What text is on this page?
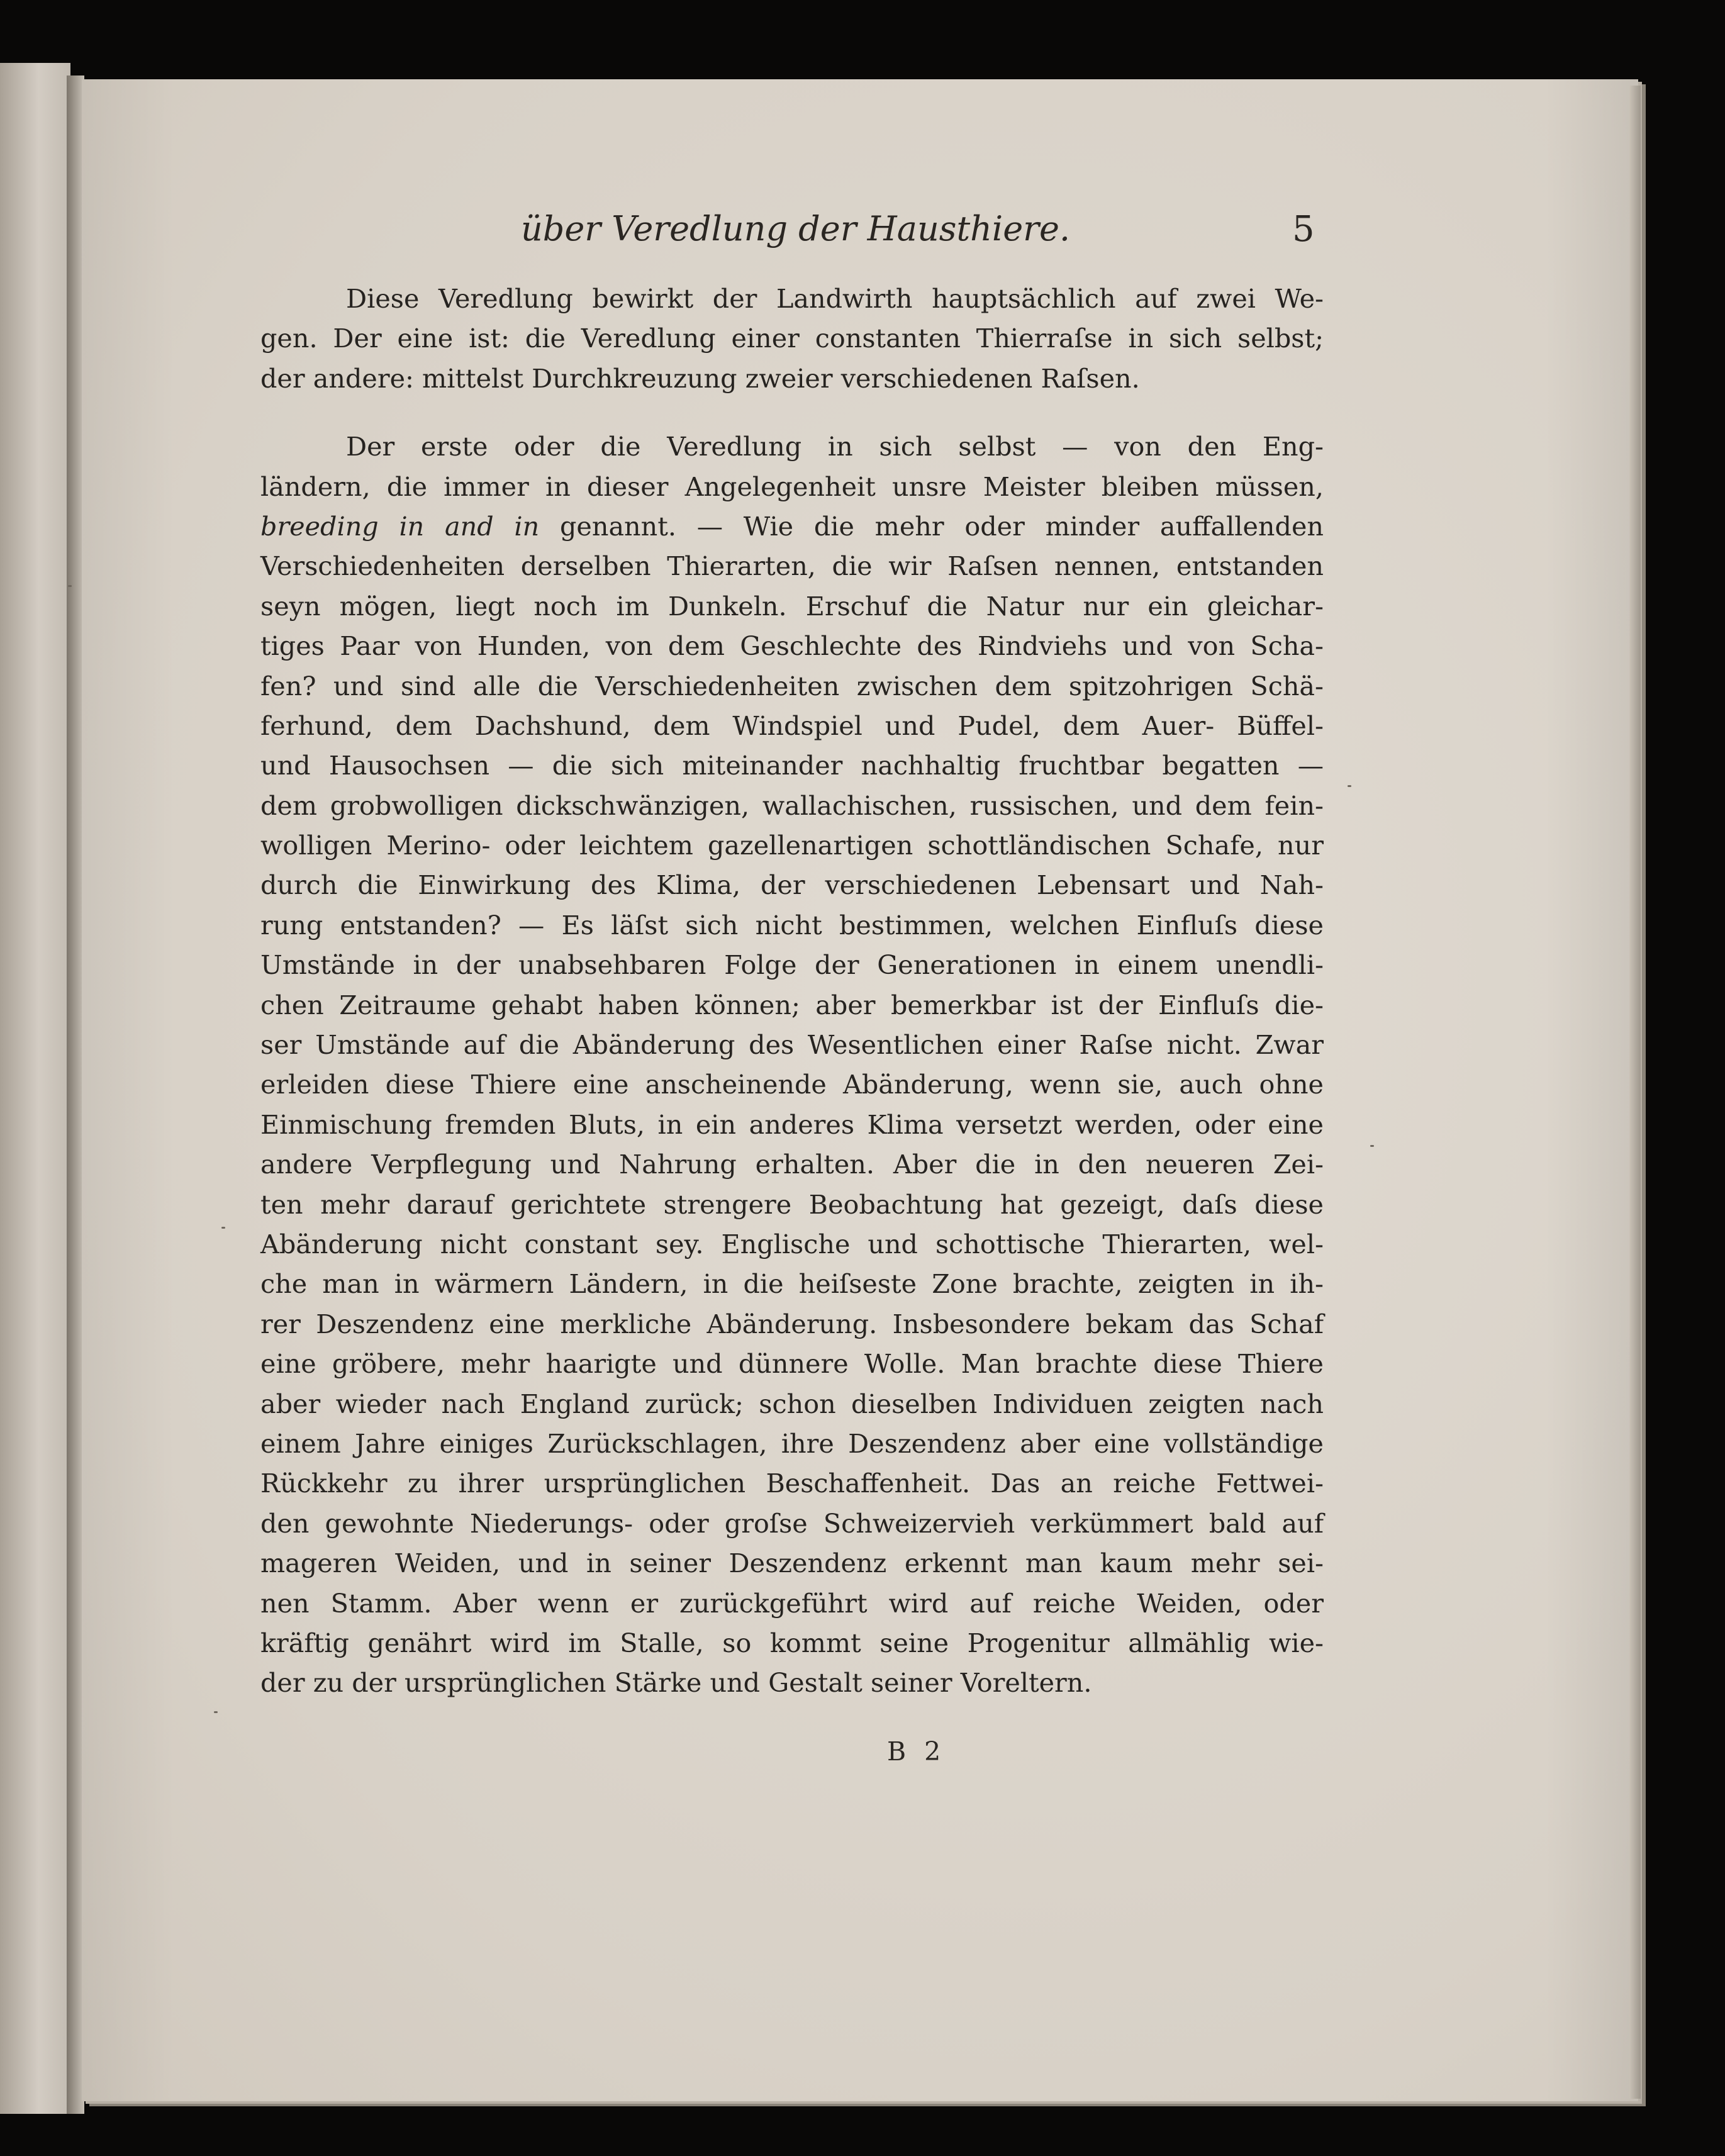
über Veredlung der Hausthiere.	5
Diese Veredlung bewirkt der Landwirth hauptsächlich auf zwei We-
gen. Der eine ist: die Veredlung einer constanten Thierraſse in sich selbst;
der andere: mittelst Durchkreuzung zweier verschiedenen Raſsen.
Der erste oder die Veredlung in sich selbst — von den Eng-
ländern, die immer in dieser Angelegenheit unsre Meister bleiben müssen,
breeding in and in genannt. — Wie die mehr oder minder auffallenden
Verschiedenheiten derselben Thierarten, die wir Raſsen nennen, entstanden
seyn mögen, liegt noch im Dunkeln. Erschuf die Natur nur ein gleichar-
tiges Paar von Hunden, von dem Geschlechte des Rindviehs und von Scha-
fen? und sind alle die Verschiedenheiten zwischen dem spitzohrigen Schä-
ferhund, dem Dachshund, dem Windspiel und Pudel, dem Auer- Büffel-
und Hausochsen — die sich miteinander nachhaltig fruchtbar begatten —
dem grobwolligen dickschwänzigen, wallachischen, russischen, und dem fein-
wolligen Merino- oder leichtem gazellenartigen schottländischen Schafe, nur
durch die Einwirkung des Klima, der verschiedenen Lebensart und Nah-
rung entstanden? — Es läſst sich nicht bestimmen, welchen Einfluſs diese
Umstände in der unabsehbaren Folge der Generationen in einem unendli-
chen Zeitraume gehabt haben können; aber bemerkbar ist der Einfluſs die-
ser Umstände auf die Abänderung des Wesentlichen einer Raſse nicht. Zwar
erleiden diese Thiere eine anscheinende Abänderung, wenn sie, auch ohne
Einmischung fremden Bluts, in ein anderes Klima versetzt werden, oder eine
andere Verpflegung und Nahrung erhalten. Aber die in den neueren Zei-
ten mehr darauf gerichtete strengere Beobachtung hat gezeigt, daſs diese
Abänderung nicht constant sey. Englische und schottische Thierarten, wel-
che man in wärmern Ländern, in die heiſseste Zone brachte, zeigten in ih-
rer Deszendenz eine merkliche Abänderung. Insbesondere bekam das Schaf
eine gröbere, mehr haarigte und dünnere Wolle. Man brachte diese Thiere
aber wieder nach England zurück; schon dieselben Individuen zeigten nach
einem Jahre einiges Zurückschlagen, ihre Deszendenz aber eine vollständige
Rückkehr zu ihrer ursprünglichen Beschaffenheit. Das an reiche Fettwei-
den gewohnte Niederungs- oder groſse Schweizervieh verkümmert bald auf
mageren Weiden, und in seiner Deszendenz erkennt man kaum mehr sei-
nen Stamm. Aber wenn er zurückgeführt wird auf reiche Weiden, oder
kräftig genährt wird im Stalle, so kommt seine Progenitur allmählig wie-
der zu der ursprünglichen Stärke und Gestalt seiner Voreltern.
B 2
